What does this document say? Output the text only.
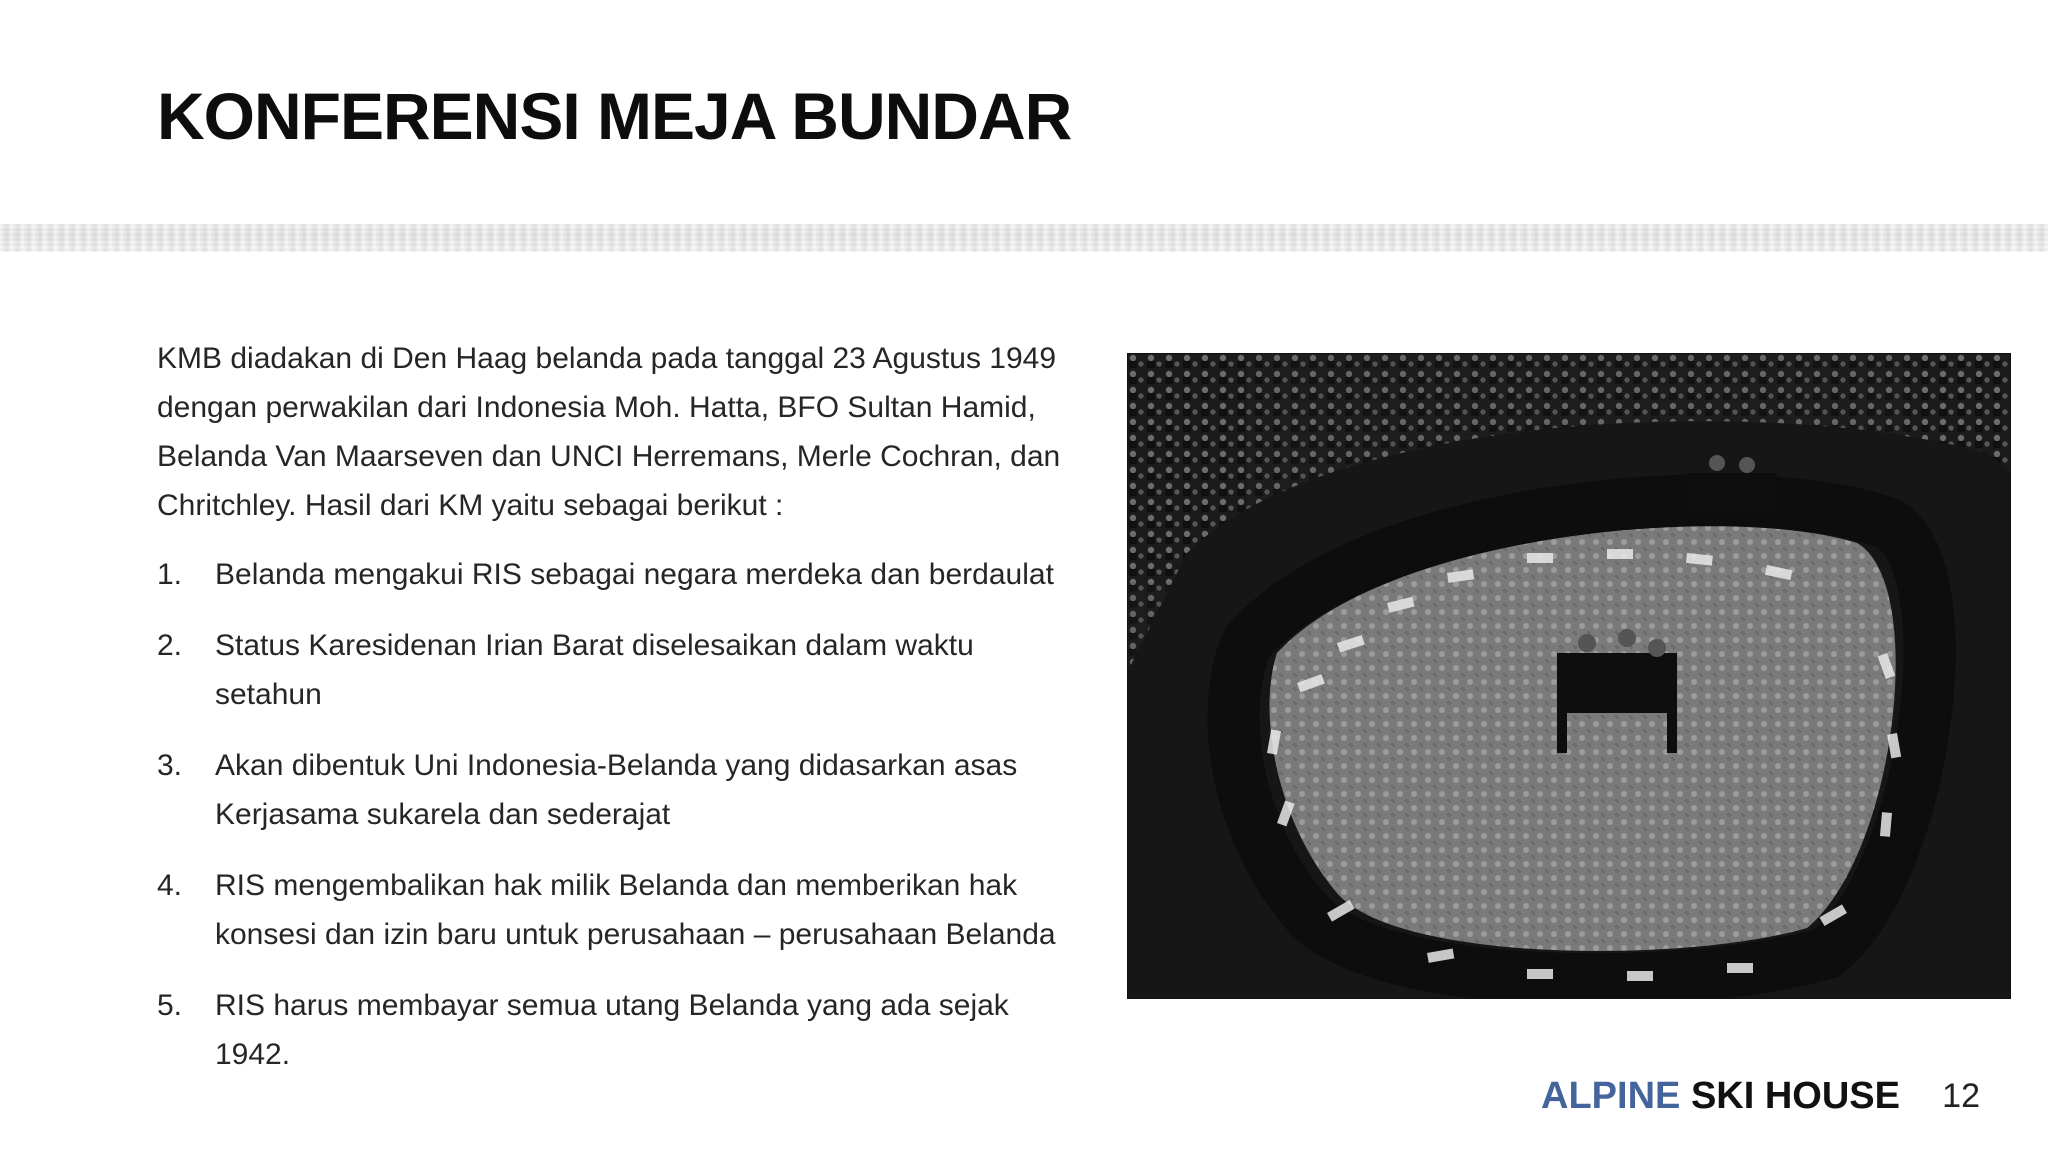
KONFERENSI MEJA BUNDAR

KMB diadakan di Den Haag belanda pada tanggal 23 Agustus 1949 dengan perwakilan dari Indonesia Moh. Hatta, BFO Sultan Hamid, Belanda Van Maarseven dan UNCI Herremans, Merle Cochran, dan Chritchley. Hasil dari KM yaitu sebagai berikut :

1.	Belanda mengakui RIS sebagai negara merdeka dan berdaulat
2.	Status Karesidenan Irian Barat diselesaikan dalam waktu setahun
3.	Akan dibentuk Uni Indonesia-Belanda yang didasarkan asas Kerjasama sukarela dan sederajat
4.	RIS mengembalikan hak milik Belanda dan memberikan hak konsesi dan izin baru untuk perusahaan – perusahaan Belanda
5.	RIS harus membayar semua utang Belanda yang ada sejak 1942.
ALPINE SKI HOUSE 12
